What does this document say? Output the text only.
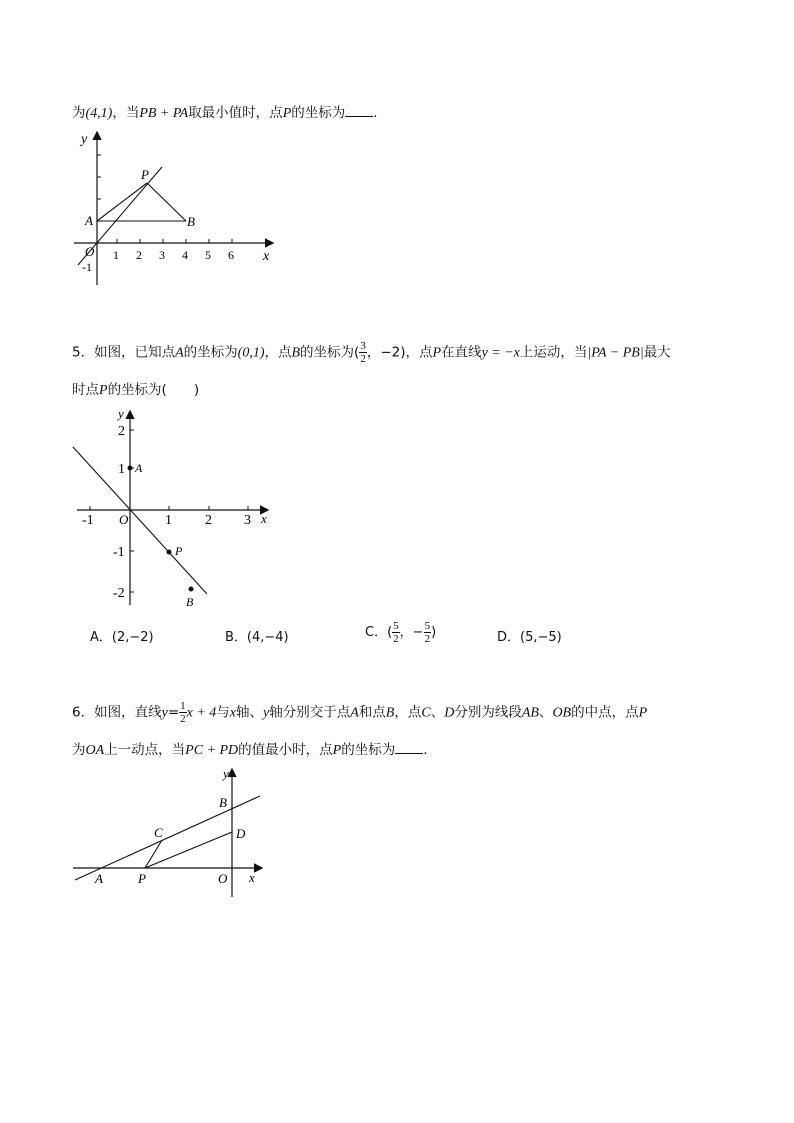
为(4,1)，当PB + PA取最小值时，点P的坐标为 .
y
x
P
A	B
O
-1
1 2 3 4 5 6
5．如图，已知点A的坐标为(0,1)，点B的坐标为( $\frac{3}{2}$ ，−2)，点P在直线y = −x上运动，当|PA − PB|最大
时点P的坐标为(　　)
y
x
A
P
B
O
2
1
-1
-2
-1	1 2 3
A．(2,−2)	B．(4,−4)	C．( $\frac{5}{2}$ ，− $\frac{5}{2}$ )	D．(5,−5)
6．如图，直线$y= \frac{1}{2}$ x + 4与x轴、y轴分别交于点A和点B，点C、D分别为线段AB、OB的中点，点P
为OA上一动点，当PC + PD的值最小时，点P的坐标为 .
y
x
B
C	D
A	P	O
